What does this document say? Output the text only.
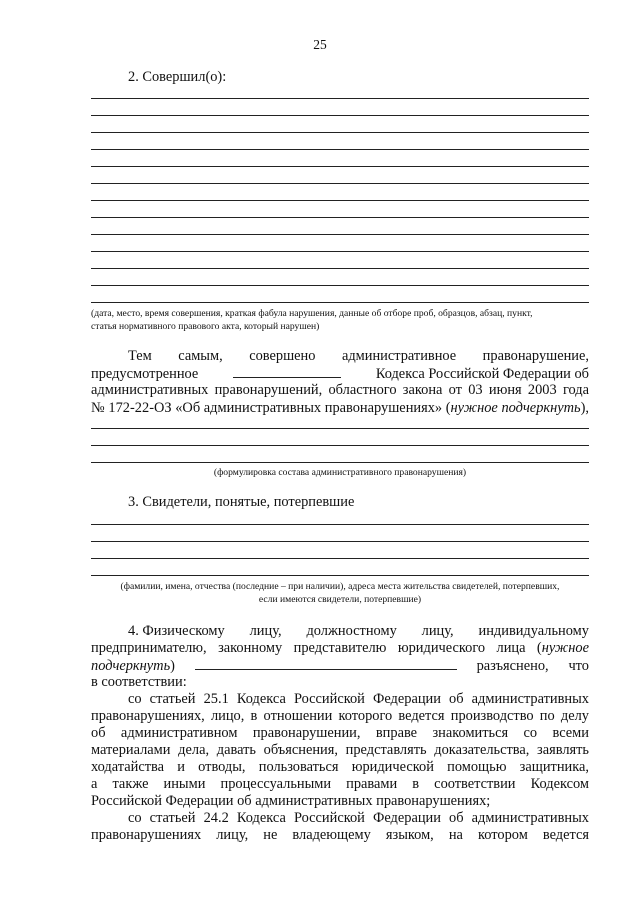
25
2. Совершил(о):
(дата, место, время совершения, краткая фабула нарушения, данные об отборе проб, образцов, абзац, пункт,
статья нормативного правового акта, который нарушен)
Тем самым, совершено административное правонарушение,
предусмотренное	Кодекса Российской Федерации об
административных правонарушений, областного закона от 03 июня 2003 года
№ 172-22-ОЗ «Об административных правонарушениях» (нужное подчеркнуть),
(формулировка состава административного правонарушения)
3. Свидетели, понятые, потерпевшие
(фамилии, имена, отчества (последние – при наличии), адреса места жительства свидетелей, потерпевших,
если имеются свидетели, потерпевшие)
4. Физическому лицу, должностному лицу, индивидуальному
предпринимателю, законному представителю юридического лица (нужное
подчеркнуть)	разъяснено, что
в соответствии:
со статьей 25.1 Кодекса Российской Федерации об административных
правонарушениях, лицо, в отношении которого ведется производство по делу
об административном правонарушении, вправе знакомиться со всеми
материалами дела, давать объяснения, представлять доказательства, заявлять
ходатайства и отводы, пользоваться юридической помощью защитника,
а также иными процессуальными правами в соответствии Кодексом
Российской Федерации об административных правонарушениях;
со статьей 24.2 Кодекса Российской Федерации об административных
правонарушениях лицу, не владеющему языком, на котором ведется
